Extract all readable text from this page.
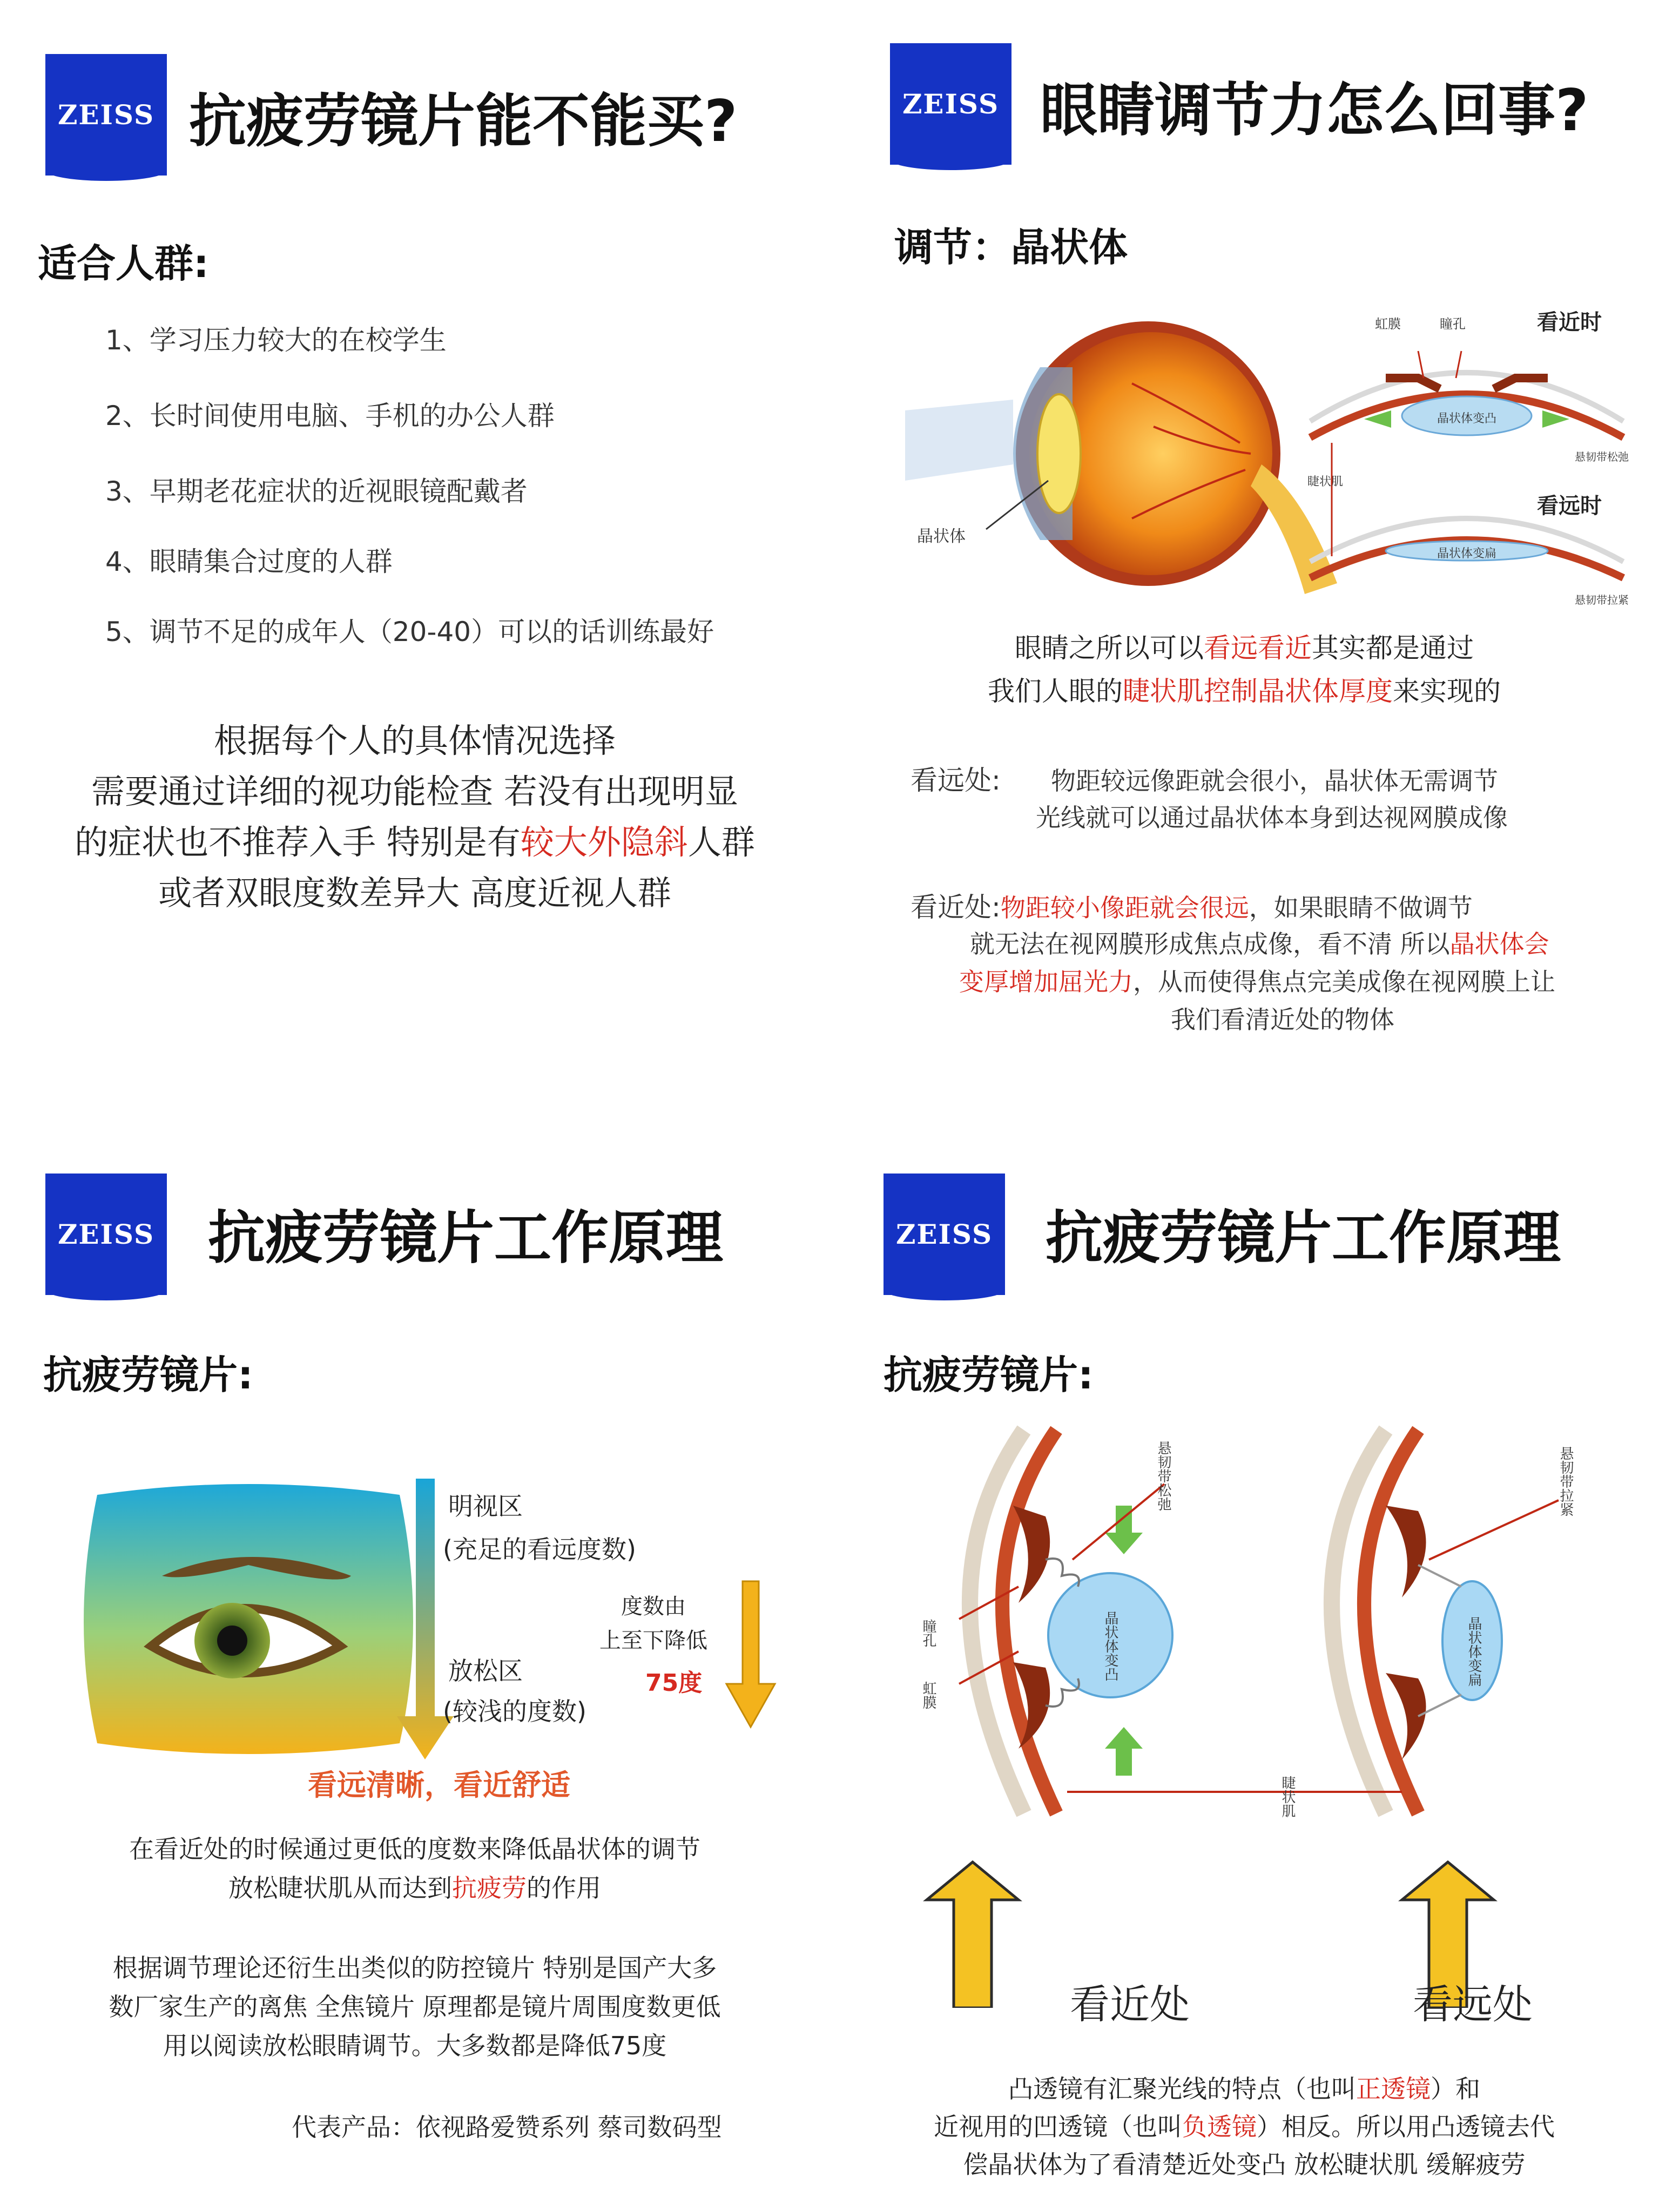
ZEISS 抗疲劳镜片能不能买?
适合人群:
1、学习压力较大的在校学生
2、长时间使用电脑、手机的办公人群
3、早期老花症状的近视眼镜配戴者
4、眼睛集合过度的人群
5、调节不足的成年人（20-40）可以的话训练最好
根据每个人的具体情况选择
需要通过详细的视功能检查 若没有出现明显
的症状也不推荐入手 特别是有较大外隐斜人群
或者双眼度数差异大 高度近视人群
ZEISS 眼睛调节力怎么回事?
调节：晶状体
晶状体
虹膜	瞳孔	看近时
晶状体变凸
悬韧带松弛
睫状肌
看远时
晶状体变扁
悬韧带拉紧
眼睛之所以可以看远看近其实都是通过
我们人眼的睫状肌控制晶状体厚度来实现的
看远处: 物距较远像距就会很小，晶状体无需调节
光线就可以通过晶状体本身到达视网膜成像
看近处:物距较小像距就会很远，如果眼睛不做调节
就无法在视网膜形成焦点成像，看不清 所以晶状体会
变厚增加屈光力，从而使得焦点完美成像在视网膜上让
我们看清近处的物体
ZEISS 抗疲劳镜片工作原理
抗疲劳镜片:
明视区
(充足的看远度数)
度数由
上至下降低
75度
放松区
(较浅的度数)
看远清晰，看近舒适
在看近处的时候通过更低的度数来降低晶状体的调节
放松睫状肌从而达到抗疲劳的作用
根据调节理论还衍生出类似的防控镜片 特别是国产大多
数厂家生产的离焦 全焦镜片 原理都是镜片周围度数更低
用以阅读放松眼睛调节。大多数都是降低75度
代表产品：依视路爱赞系列 蔡司数码型
ZEISS 抗疲劳镜片工作原理
抗疲劳镜片:
悬韧带松弛	悬韧带拉紧
瞳孔
虹膜
晶状体变凸	晶状体变扁
睫状肌
看近处	看远处
凸透镜有汇聚光线的特点（也叫正透镜）和
近视用的凹透镜（也叫负透镜）相反。所以用凸透镜去代
偿晶状体为了看清楚近处变凸 放松睫状肌 缓解疲劳
